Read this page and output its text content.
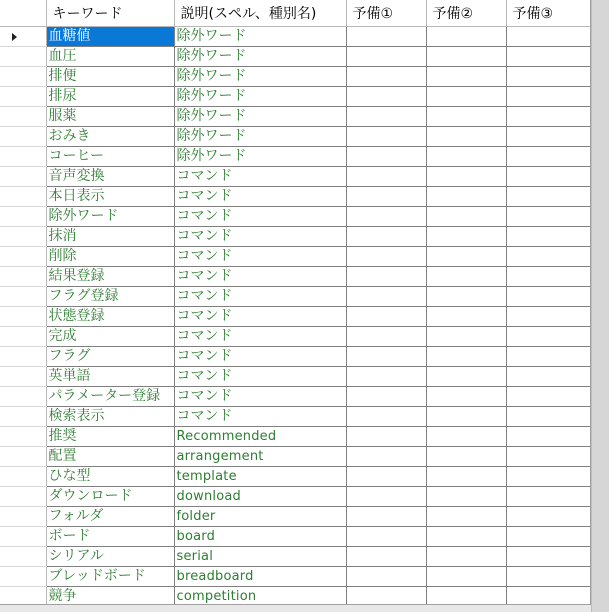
	キーワード	説明(スペル、種別名)	予備①	予備②	予備③

	血糖値	除外ワード			
	血圧	除外ワード			
	排便	除外ワード			
	排尿	除外ワード			
	服薬	除外ワード			
	おみき	除外ワード			
	コーヒー	除外ワード			
	音声変換	コマンド			
	本日表示	コマンド			
	除外ワード	コマンド			
	抹消	コマンド			
	削除	コマンド			
	結果登録	コマンド			
	フラグ登録	コマンド			
	状態登録	コマンド			
	完成	コマンド			
	フラグ	コマンド			
	英単語	コマンド			
	パラメーター登録	コマンド			
	検索表示	コマンド			
	推奨	Recommended			
	配置	arrangement			
	ひな型	template			
	ダウンロード	download			
	フォルダ	folder			
	ボード	board			
	シリアル	serial			
	ブレッドボード	breadboard			
	競争	competition			
